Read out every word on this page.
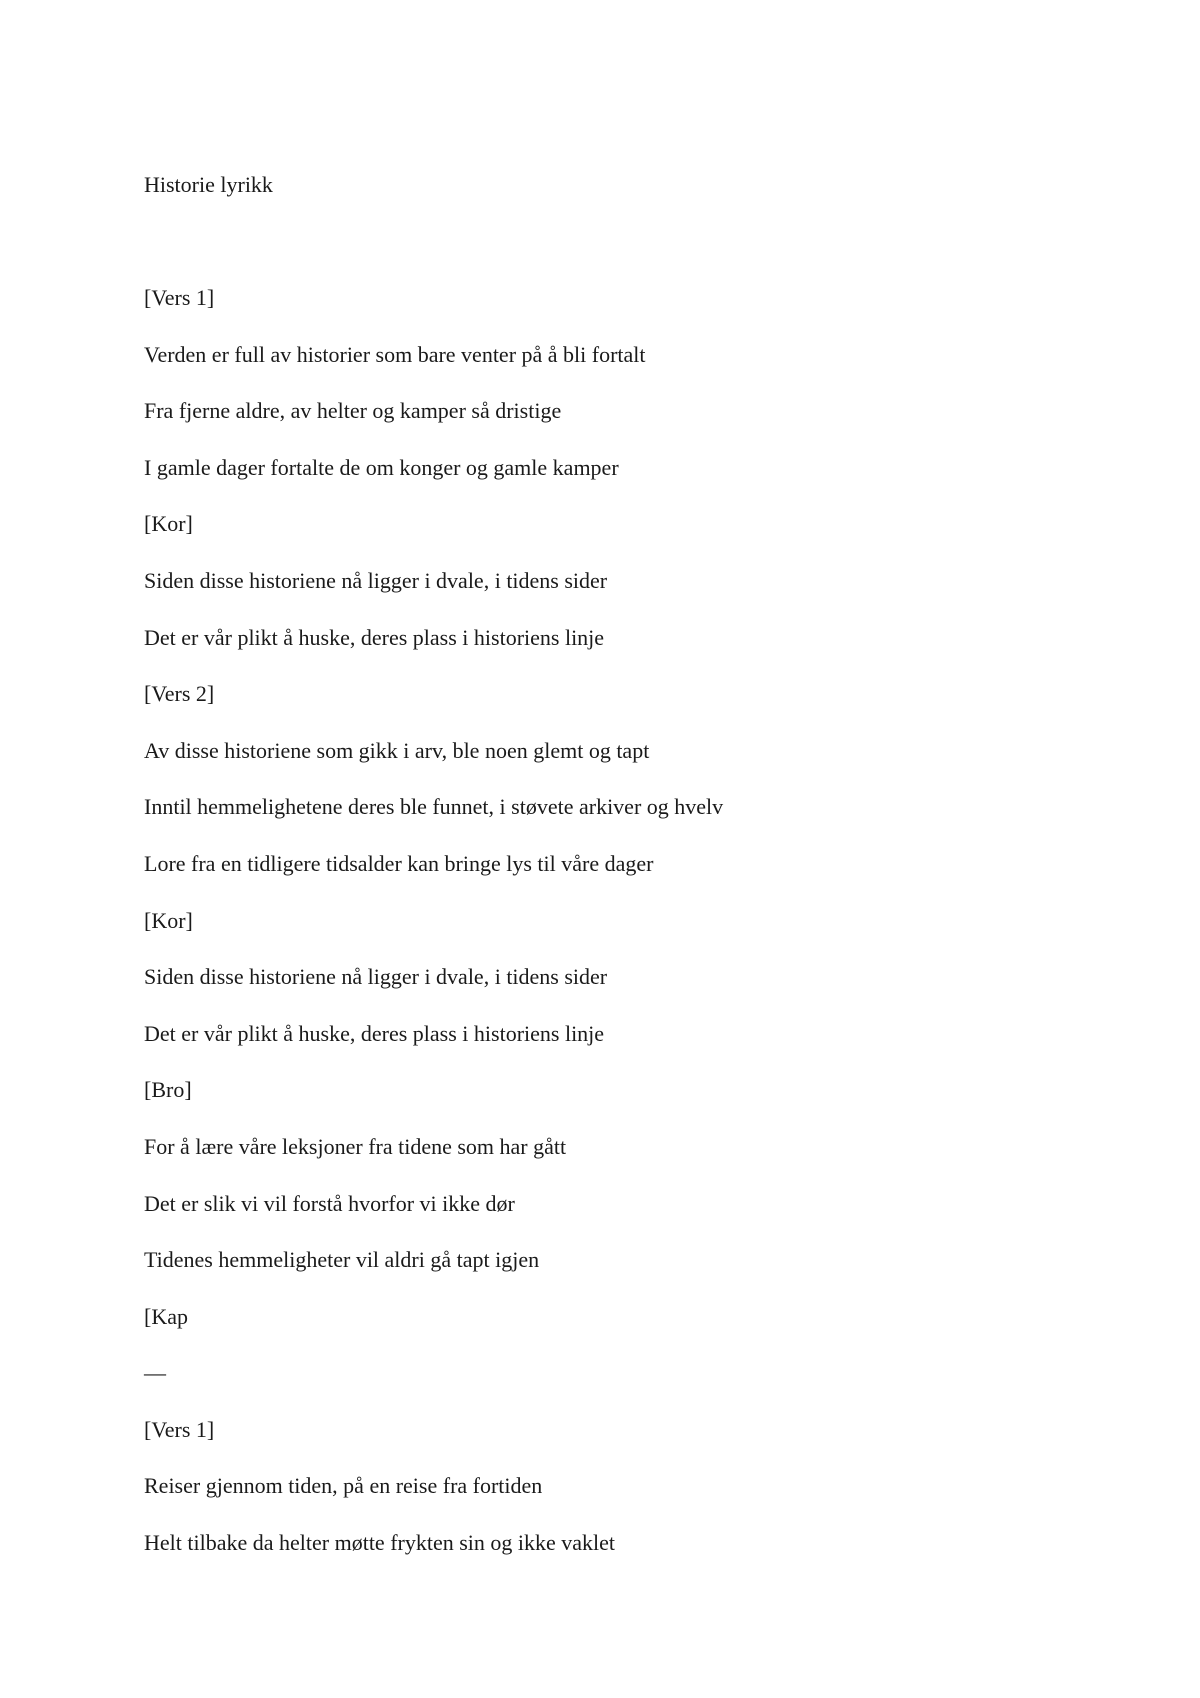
Historie lyrikk
[Vers 1]
Verden er full av historier som bare venter på å bli fortalt
Fra fjerne aldre, av helter og kamper så dristige
I gamle dager fortalte de om konger og gamle kamper
[Kor]
Siden disse historiene nå ligger i dvale, i tidens sider
Det er vår plikt å huske, deres plass i historiens linje
[Vers 2]
Av disse historiene som gikk i arv, ble noen glemt og tapt
Inntil hemmelighetene deres ble funnet, i støvete arkiver og hvelv
Lore fra en tidligere tidsalder kan bringe lys til våre dager
[Kor]
Siden disse historiene nå ligger i dvale, i tidens sider
Det er vår plikt å huske, deres plass i historiens linje
[Bro]
For å lære våre leksjoner fra tidene som har gått
Det er slik vi vil forstå hvorfor vi ikke dør
Tidenes hemmeligheter vil aldri gå tapt igjen
[Kap
—
[Vers 1]
Reiser gjennom tiden, på en reise fra fortiden
Helt tilbake da helter møtte frykten sin og ikke vaklet
